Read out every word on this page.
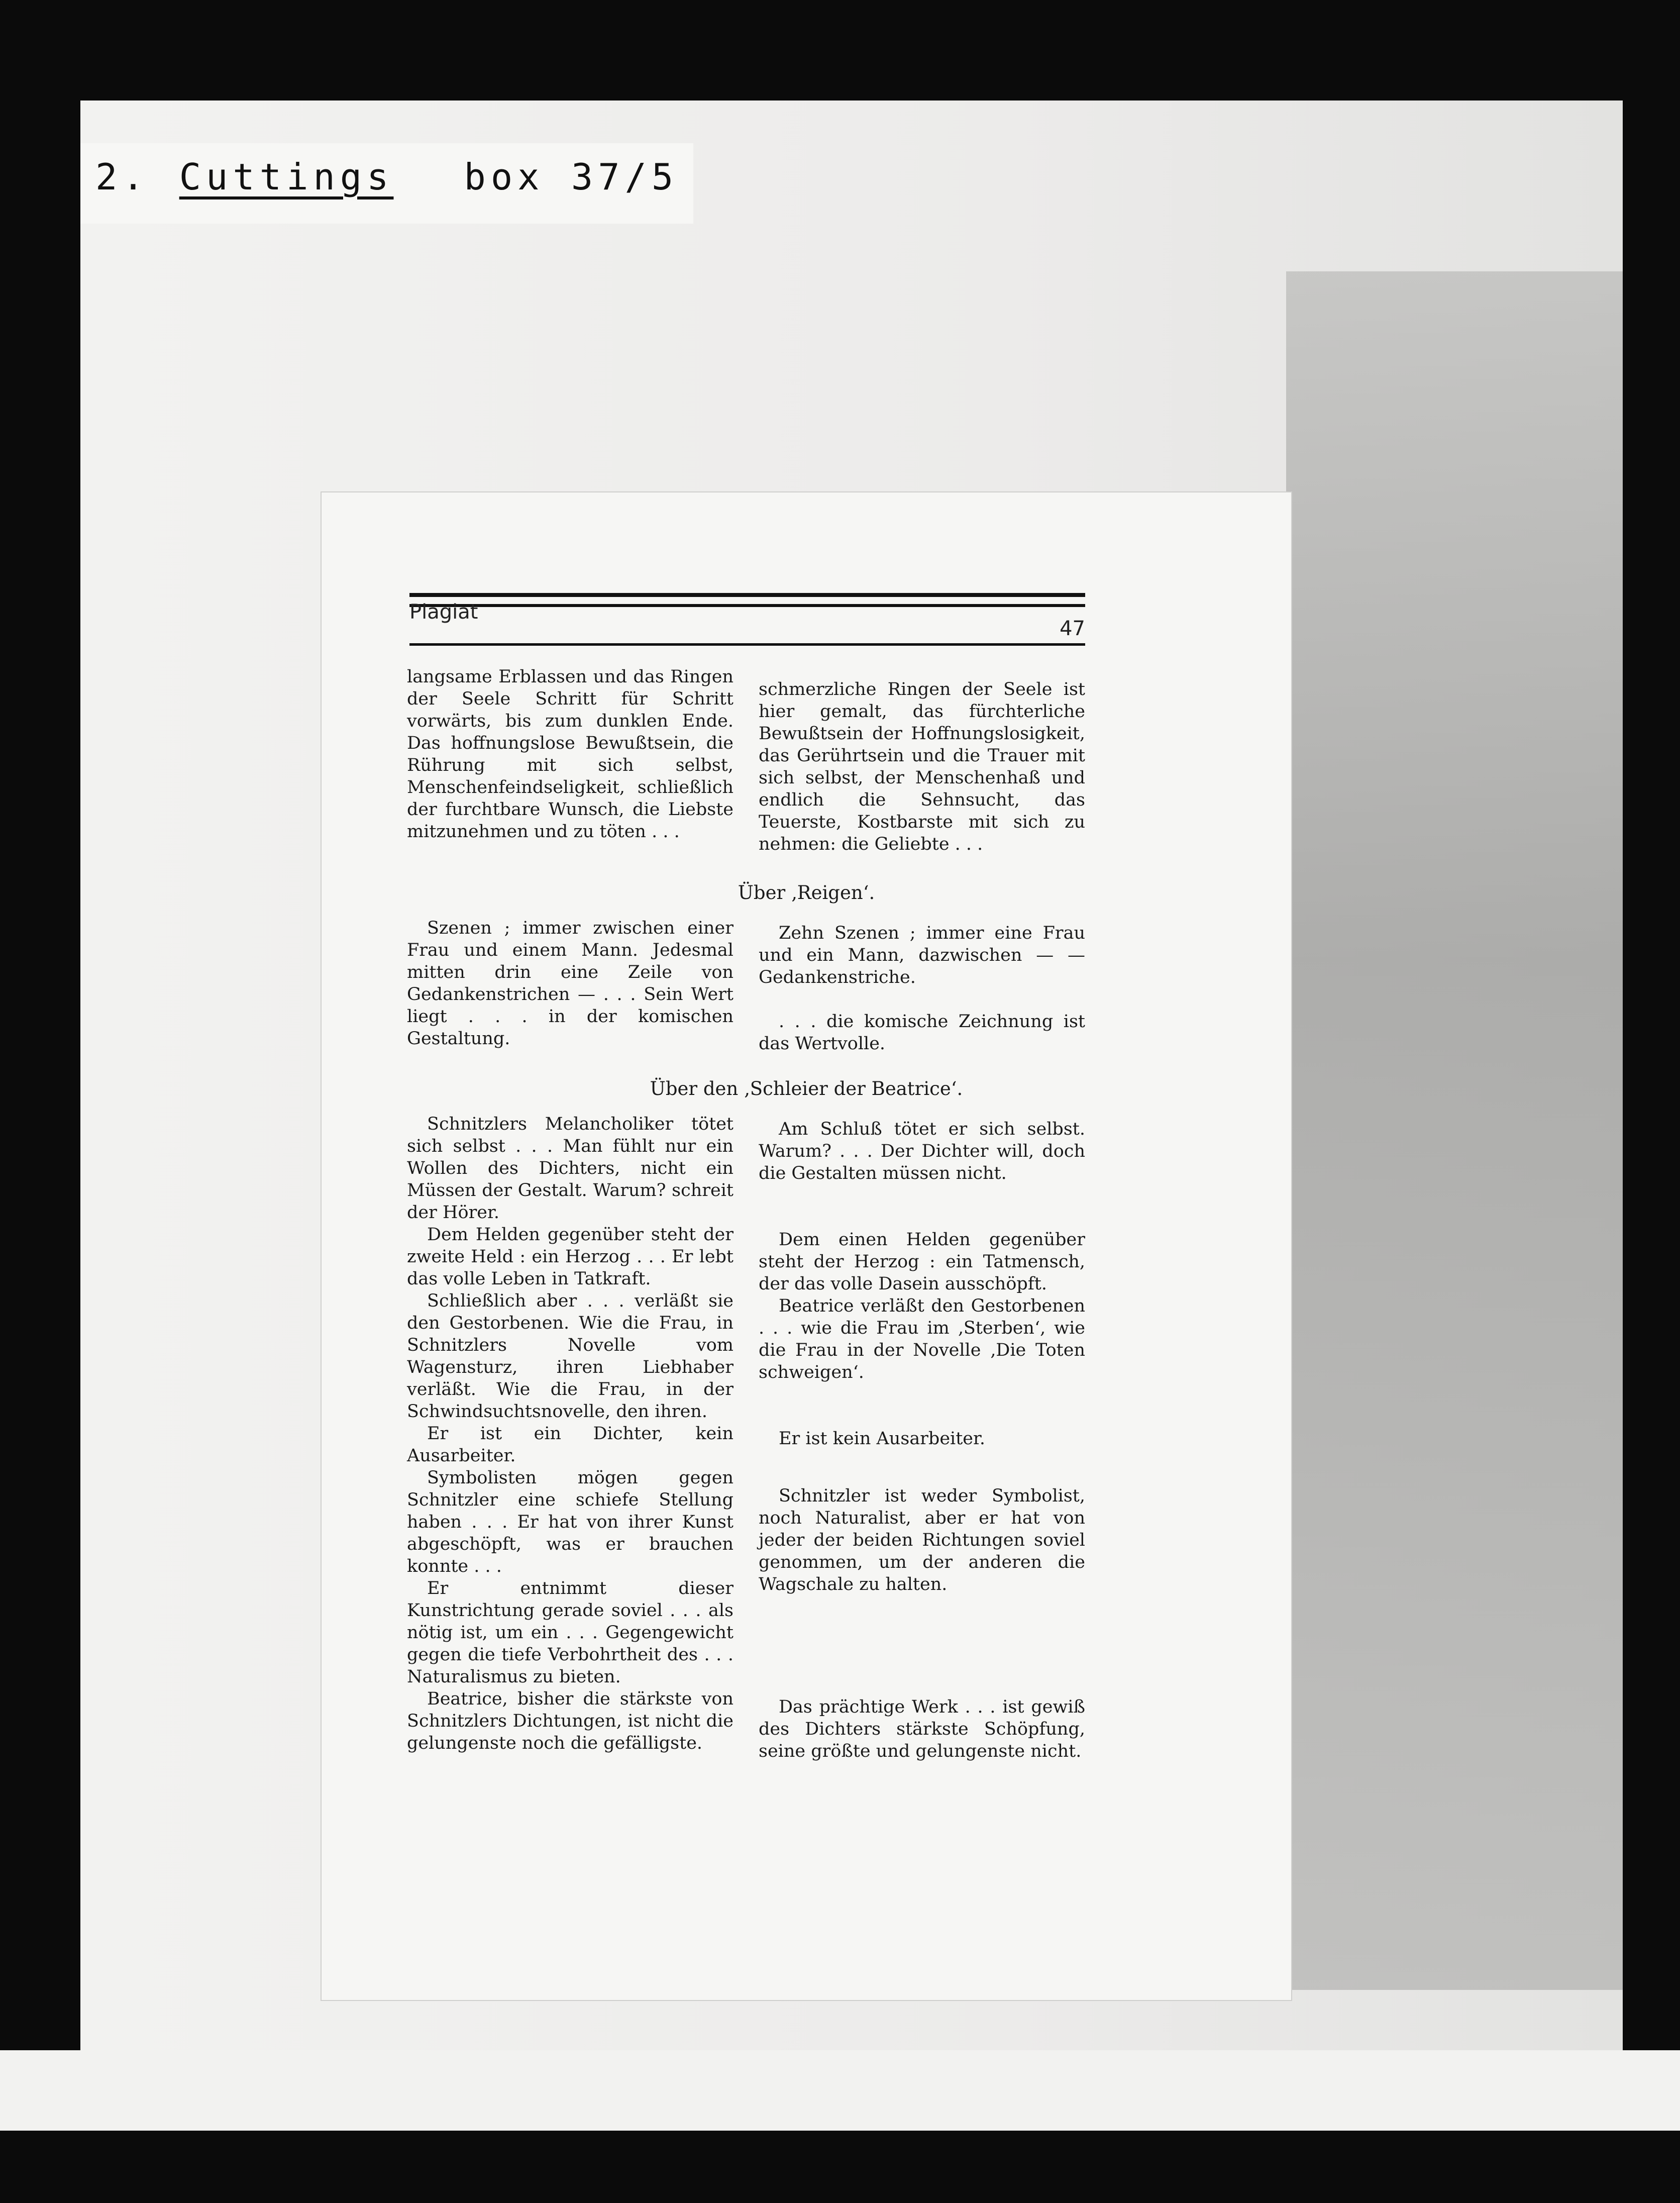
2. Cuttings box 37/5
Plagiat
47

langsame Erblassen und das Ringen der Seele Schritt für Schritt vorwärts, bis zum dunklen Ende. Das hoffnungslose Bewußtsein, die Rührung mit sich selbst, Menschenfeindseligkeit, schließlich der furchtbare Wunsch, die Liebste mitzunehmen und zu töten . . .

schmerzliche Ringen der Seele ist hier gemalt, das fürchterliche Bewußtsein der Hoffnungslosigkeit, das Gerührtsein und die Trauer mit sich selbst, der Menschenhaß und endlich die Sehnsucht, das Teuerste, Kostbarste mit sich zu nehmen: die Geliebte . . .

Über ‚Reigen‘.

Szenen ; immer zwischen einer Frau und einem Mann. Jedesmal mitten drin eine Zeile von Gedankenstrichen — . . . Sein Wert liegt . . . in der komischen Gestaltung.

Zehn Szenen ; immer eine Frau und ein Mann, dazwischen — — Gedankenstriche.

. . . die komische Zeichnung ist das Wertvolle.

Über den ‚Schleier der Beatrice‘.

Schnitzlers Melancholiker tötet sich selbst . . . Man fühlt nur ein Wollen des Dichters, nicht ein Müssen der Gestalt. Warum? schreit der Hörer.

Dem Helden gegenüber steht der zweite Held : ein Herzog . . . Er lebt das volle Leben in Tatkraft.

Schließlich aber . . . verläßt sie den Gestorbenen. Wie die Frau, in Schnitzlers Novelle vom Wagensturz, ihren Liebhaber verläßt. Wie die Frau, in der Schwindsuchtsnovelle, den ihren.

Er ist ein Dichter, kein Ausarbeiter.

Symbolisten mögen gegen Schnitzler eine schiefe Stellung haben . . . Er hat von ihrer Kunst abgeschöpft, was er brauchen konnte . . .

Er entnimmt dieser Kunstrichtung gerade soviel . . . als nötig ist, um ein . . . Gegengewicht gegen die tiefe Verbohrtheit des . . . Naturalismus zu bieten.

Beatrice, bisher die stärkste von Schnitzlers Dichtungen, ist nicht die gelungenste noch die gefälligste.

Am Schluß tötet er sich selbst. Warum? . . . Der Dichter will, doch die Gestalten müssen nicht.

Dem einen Helden gegenüber steht der Herzog : ein Tatmensch, der das volle Dasein ausschöpft.

Beatrice verläßt den Gestorbenen . . . wie die Frau im ‚Sterben‘, wie die Frau in der Novelle ‚Die Toten schweigen‘.

Er ist kein Ausarbeiter.

Schnitzler ist weder Symbolist, noch Naturalist, aber er hat von jeder der beiden Richtungen soviel genommen, um der anderen die Wagschale zu halten.

Das prächtige Werk . . . ist gewiß des Dichters stärkste Schöpfung, seine größte und gelungenste nicht.
